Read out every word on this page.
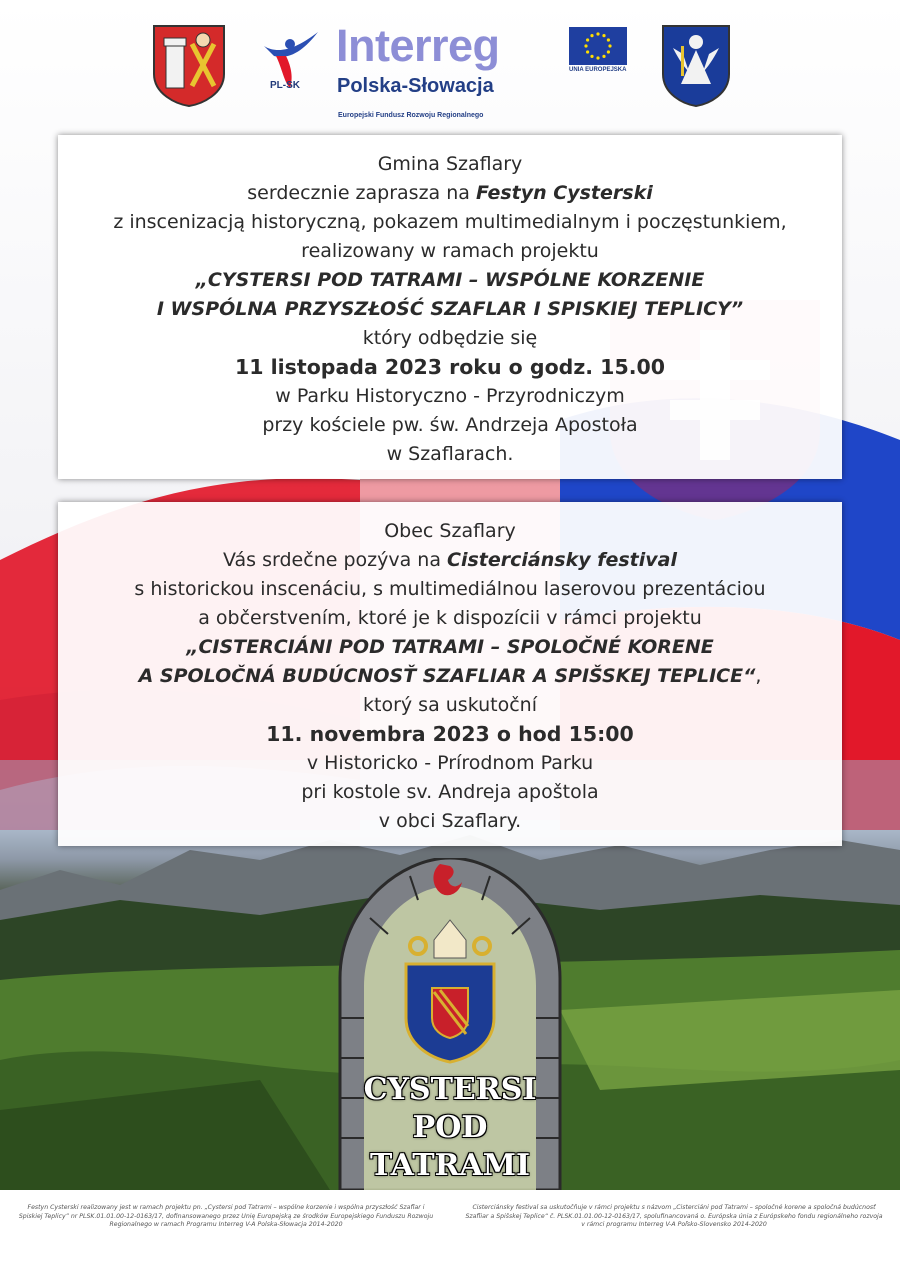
PL-SK
Interreg
Polska-Słowacja
Europejski Fundusz Rozwoju Regionalnego
UNIA EUROPEJSKA
Gmina Szaflary
serdecznie zaprasza na Festyn Cysterski
z inscenizacją historyczną, pokazem multimedialnym i poczęstunkiem,
realizowany w ramach projektu
„CYSTERSI POD TATRAMI – WSPÓLNE KORZENIE
I WSPÓLNA PRZYSZŁOŚĆ SZAFLAR I SPISKIEJ TEPLICY”
który odbędzie się
11 listopada 2023 roku o godz. 15.00
w Parku Historyczno - Przyrodniczym
przy kościele pw. św. Andrzeja Apostoła
w Szaflarach.
Obec Szaflary
Vás srdečne pozýva na Cisterciánsky festival
s historickou inscenáciu, s multimediálnou laserovou prezentáciou
a občerstvením, ktoré je k dispozícii v rámci projektu
„CISTERCIÁNI POD TATRAMI – SPOLOČNÉ KORENE
A SPOLOČNÁ BUDÚCNOSŤ SZAFLIAR A SPIŠSKEJ TEPLICE“,
ktorý sa uskutoční
11. novembra 2023 o hod 15:00
v Historicko - Prírodnom Parku
pri kostole sv. Andreja apoštola
v obci Szaflary.
CYSTERSI
POD
TATRAMI

Festyn Cysterski realizowany jest w ramach projektu pn. „Cystersi pod Tatrami – wspólne korzenie i wspólna przyszłość Szaflar i Spiskiej Teplicy” nr PLSK.01.01.00-12-0163/17, dofinansowanego przez Unię Europejską ze środków Europejskiego Funduszu Rozwoju Regionalnego w ramach Programu Interreg V-A Polska-Słowacja 2014-2020

Cisterciánsky festival sa uskutočňuje v rámci projektu s názvom „Cisterciáni pod Tatrami – spoločné korene a spoločná budúcnosť Szafliar a Spišskej Teplice“ č. PLSK.01.01.00-12-0163/17, spolufinancovaná o. Európska únia z Európskeho fondu regionálneho rozvoja v rámci programu Interreg V-A Poľsko-Slovensko 2014-2020
